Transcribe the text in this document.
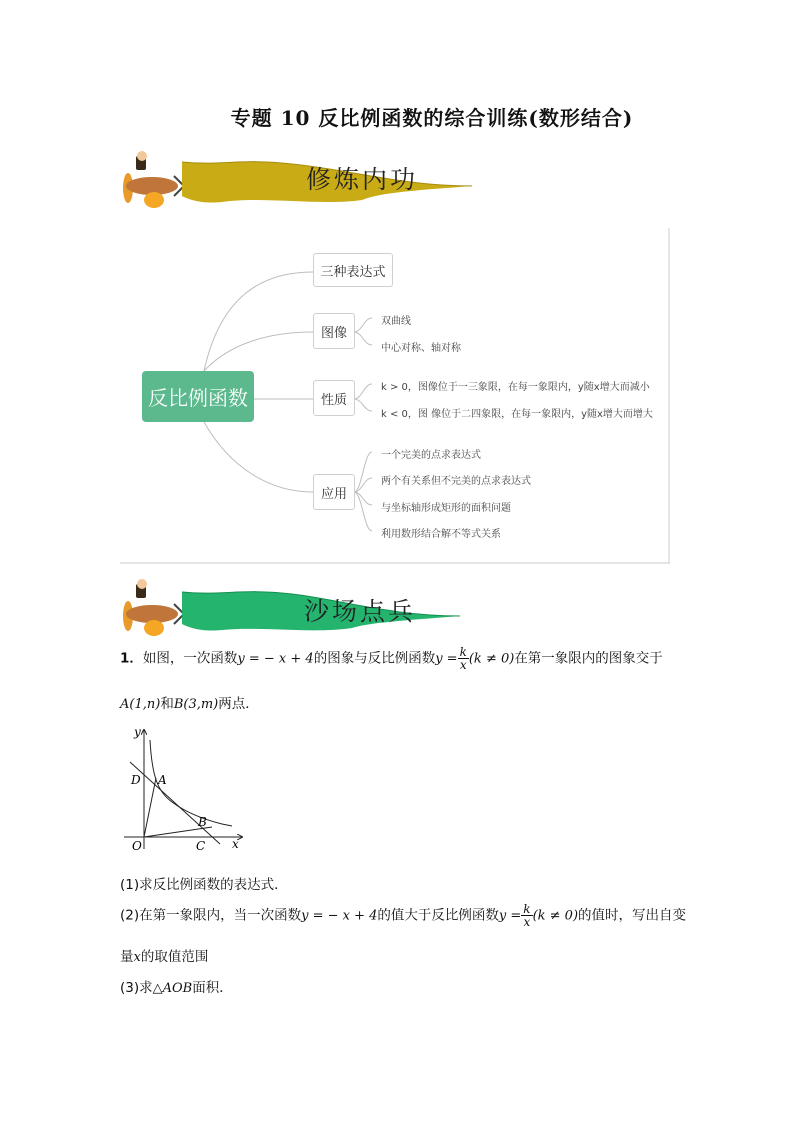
专题 10 反比例函数的综合训练(数形结合)
修炼内功
反比例函数
三种表达式
图像
性质
应用
双曲线
中心对称、轴对称
k > 0，图像位于一三象限，在每一象限内，y随x增大而减小
k < 0，图 像位于二四象限，在每一象限内，y随x增大而增大
一个完美的点求表达式
两个有关系但不完美的点求表达式
与坐标轴形成矩形的面积问题
利用数形结合解不等式关系
沙场点兵
1．如图，一次函数y = − x + 4的图象与反比例函数$y = \frac{k}{x} (k \ne 0)$在第一象限内的图象交于
A(1,n)和B(3,m)两点．
y
x
O
D A
B
C
(1)求反比例函数的表达式．
(2)在第一象限内，当一次函数y = − x + 4的值大于反比例函数$y = \frac{k}{x} (k \ne 0)$的值时，写出自变
量x的取值范围
(3)求△AOB面积．
